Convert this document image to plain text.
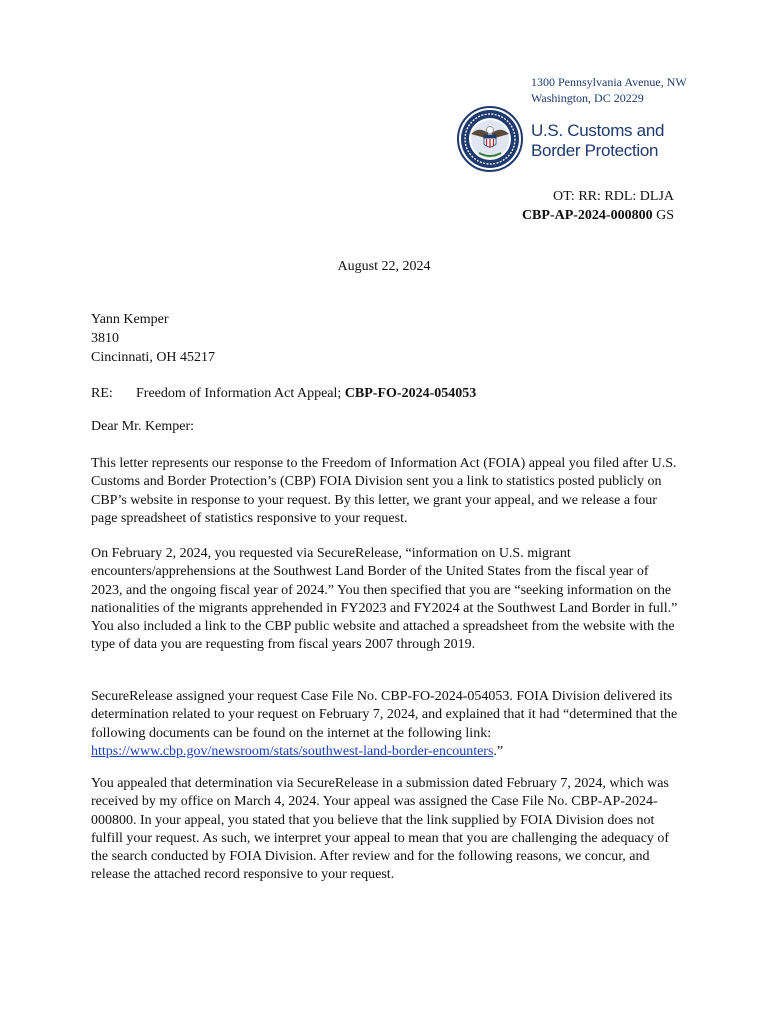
1300 Pennsylvania Avenue, NW
Washington, DC 20229
U.S. Customs and
Border Protection
OT: RR: RDL: DLJA
CBP-AP-2024-000800 GS
August 22, 2024
Yann Kemper
3810
Cincinnati, OH 45217
RE: Freedom of Information Act Appeal; CBP-FO-2024-054053
Dear Mr. Kemper:
This letter represents our response to the Freedom of Information Act (FOIA) appeal you filed after U.S. Customs and Border Protection’s (CBP) FOIA Division sent you a link to statistics posted publicly on CBP’s website in response to your request. By this letter, we grant your appeal, and we release a four page spreadsheet of statistics responsive to your request.
On February 2, 2024, you requested via SecureRelease, “information on U.S. migrant encounters/apprehensions at the Southwest Land Border of the United States from the fiscal year of 2023, and the ongoing fiscal year of 2024.” You then specified that you are “seeking information on the nationalities of the migrants apprehended in FY2023 and FY2024 at the Southwest Land Border in full.” You also included a link to the CBP public website and attached a spreadsheet from the website with the type of data you are requesting from fiscal years 2007 through 2019.
SecureRelease assigned your request Case File No. CBP-FO-2024-054053. FOIA Division delivered its determination related to your request on February 7, 2024, and explained that it had “determined that the following documents can be found on the internet at the following link: https://www.cbp.gov/newsroom/stats/southwest-land-border-encounters.”
You appealed that determination via SecureRelease in a submission dated February 7, 2024, which was received by my office on March 4, 2024. Your appeal was assigned the Case File No. CBP-AP-2024-000800. In your appeal, you stated that you believe that the link supplied by FOIA Division does not fulfill your request. As such, we interpret your appeal to mean that you are challenging the adequacy of the search conducted by FOIA Division. After review and for the following reasons, we concur, and release the attached record responsive to your request.
